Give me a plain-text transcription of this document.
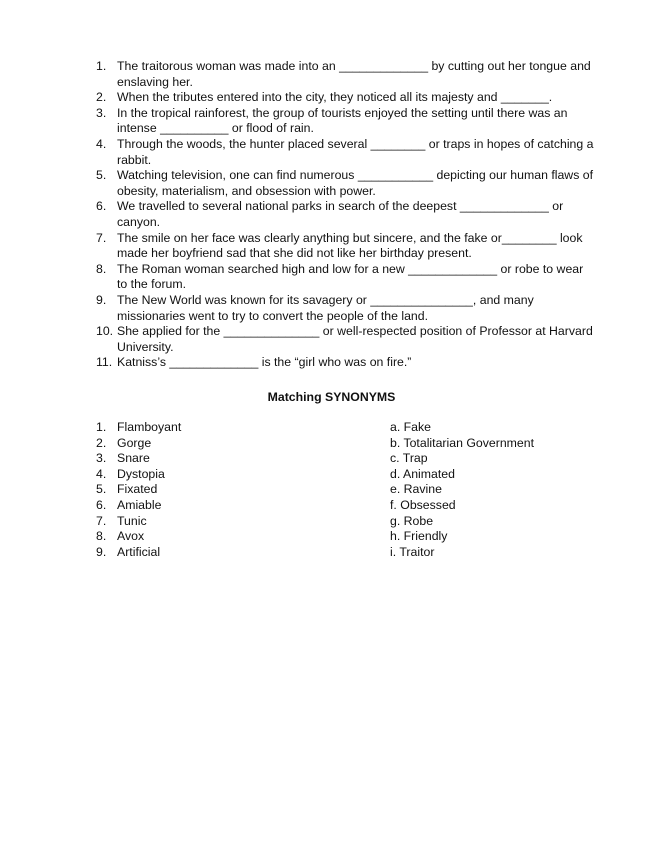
1. The traitorous woman was made into an _____________ by cutting out her tongue and enslaving her.
2. When the tributes entered into the city, they noticed all its majesty and _______.
3. In the tropical rainforest, the group of tourists enjoyed the setting until there was an intense __________ or flood of rain.
4. Through the woods, the hunter placed several ________ or traps in hopes of catching a rabbit.
5. Watching television, one can find numerous ___________ depicting our human flaws of obesity, materialism, and obsession with power.
6. We travelled to several national parks in search of the deepest _____________ or canyon.
7. The smile on her face was clearly anything but sincere, and the fake or________ look made her boyfriend sad that she did not like her birthday present.
8. The Roman woman searched high and low for a new _____________ or robe to wear to the forum.
9. The New World was known for its savagery or _______________, and many missionaries went to try to convert the people of the land.
10. She applied for the ______________ or well-respected position of Professor at Harvard University.
11. Katniss’s _____________ is the “girl who was on fire.”
Matching SYNONYMS
1. Flamboyant
2. Gorge
3. Snare
4. Dystopia
5. Fixated
6. Amiable
7. Tunic
8. Avox
9. Artificial
a. Fake
b. Totalitarian Government
c. Trap
d. Animated
e. Ravine
f. Obsessed
g. Robe
h. Friendly
i. Traitor
